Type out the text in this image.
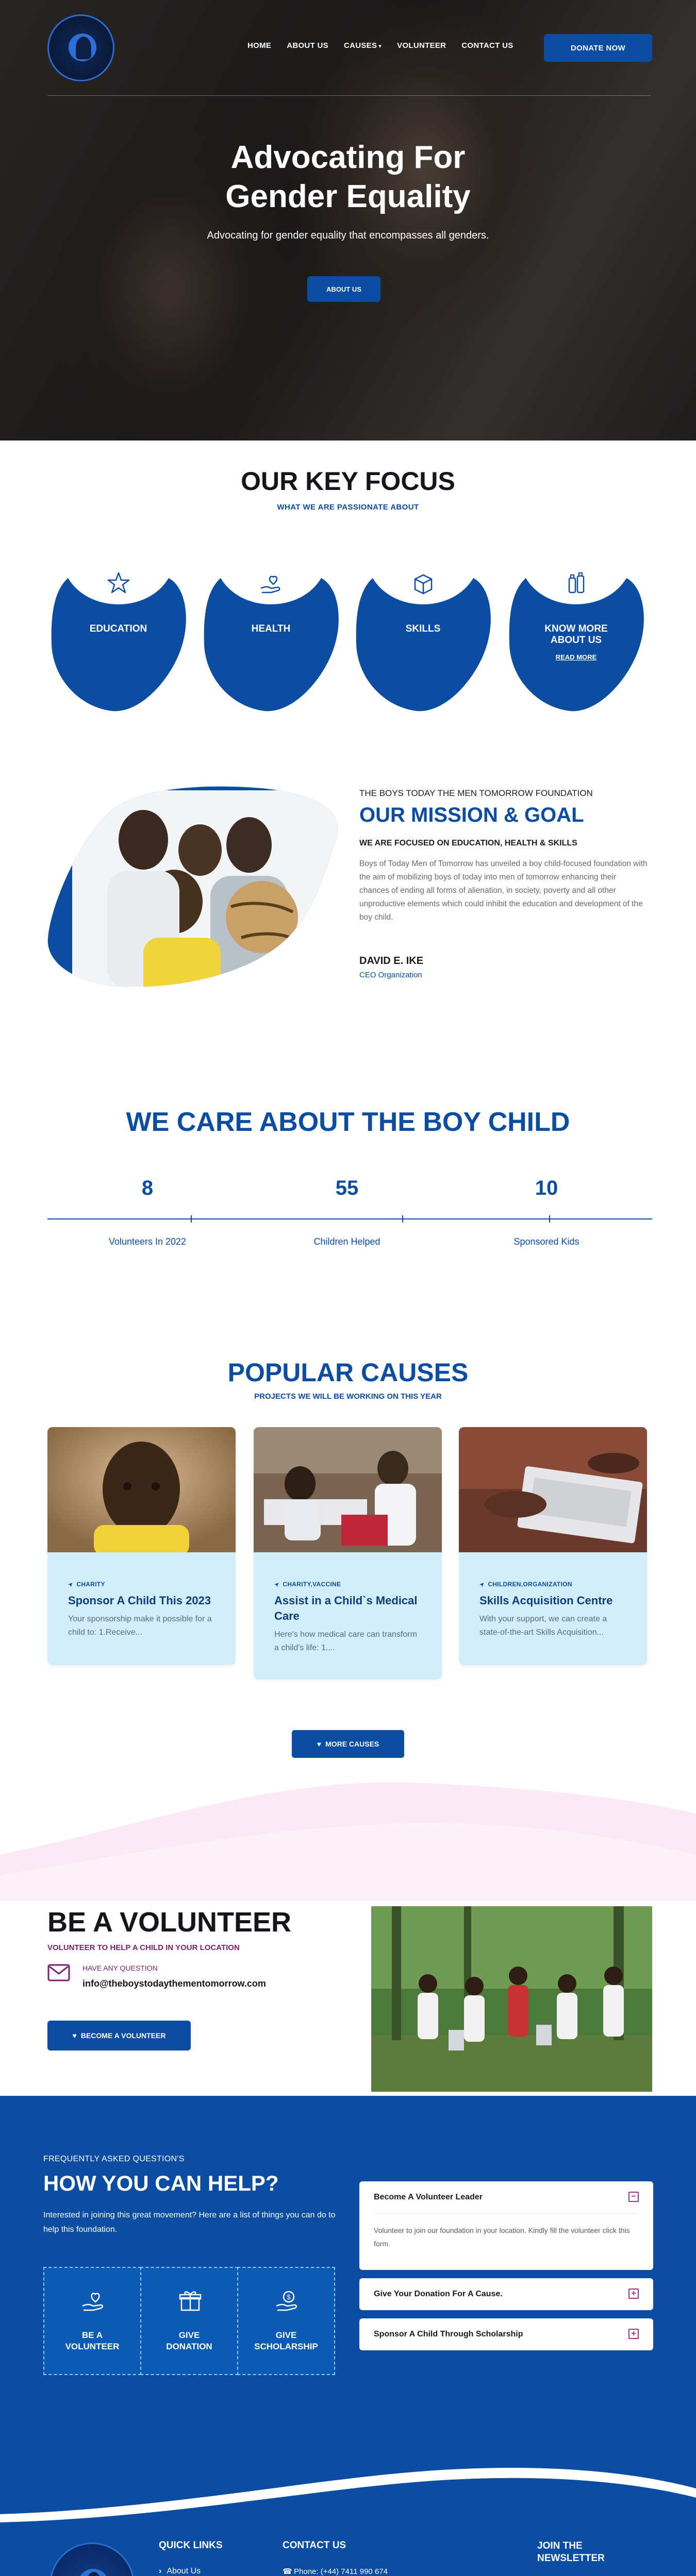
HOME ABOUT US CAUSES ▾ VOLUNTEER CONTACT US	DONATE NOW
Advocating For
Gender Equality

Advocating for gender equality that encompasses all genders.

ABOUT US
OUR KEY FOCUS

WHAT WE ARE PASSIONATE ABOUT

EDUCATION	HEALTH	SKILLS	KNOW MORE
ABOUT US
READ MORE

THE BOYS TODAY THE MEN TOMORROW FOUNDATION

OUR MISSION & GOAL

WE ARE FOCUSED ON EDUCATION, HEALTH & SKILLS

Boys of Today Men of Tomorrow has unveiled a boy child-focused foundation with the aim of mobilizing boys of today into men of tomorrow enhancing their chances of ending all forms of alienation, in society, poverty and all other unproductive elements which could inhibit the education and development of the boy child.

DAVID E. IKE

CEO Organization

WE CARE ABOUT THE BOY CHILD
8	55	10
Volunteers In 2022	Children Helped	Sponsored Kids
POPULAR CAUSES

PROJECTS WE WILL BE WORKING ON THIS YEAR

➤ CHARITY
Sponsor A Child This 2023
Your sponsorship make it possible for a child to: 1.Receive...
➤ CHARITY,VACCINE
Assist in a Child`s Medical Care
Here's how medical care can transform a child's life: 1....
➤ CHILDREN,ORGANIZATION
Skills Acquisition Centre
With your support, we can create a state-of-the-art Skills Acquisition...
♥ MORE CAUSES
BE A VOLUNTEER

VOLUNTEER TO HELP A CHILD IN YOUR LOCATION

HAVE ANY QUESTION

info@theboystodaythementomorrow.com

♥ BECOME A VOLUNTEER

FREQUENTLY ASKED QUESTION'S

HOW YOU CAN HELP?

Interested in joining this great movement? Here are a list of things you can do to help this foundation.

BE A
VOLUNTEER
GIVE
DONATION
$
GIVE
SCHOLARSHIP
Become A Volunteer Leader	−
Volunteer to join our foundation in your location. Kindly fill the volunteer click this form.
Give Your Donation For A Cause.	+
Sponsor A Child Through Scholarship	+
QUICK LINKS
› About Us
CONTACT US
☎ Phone: (+44) 7411 990 674
JOIN THE
NEWSLETTER
